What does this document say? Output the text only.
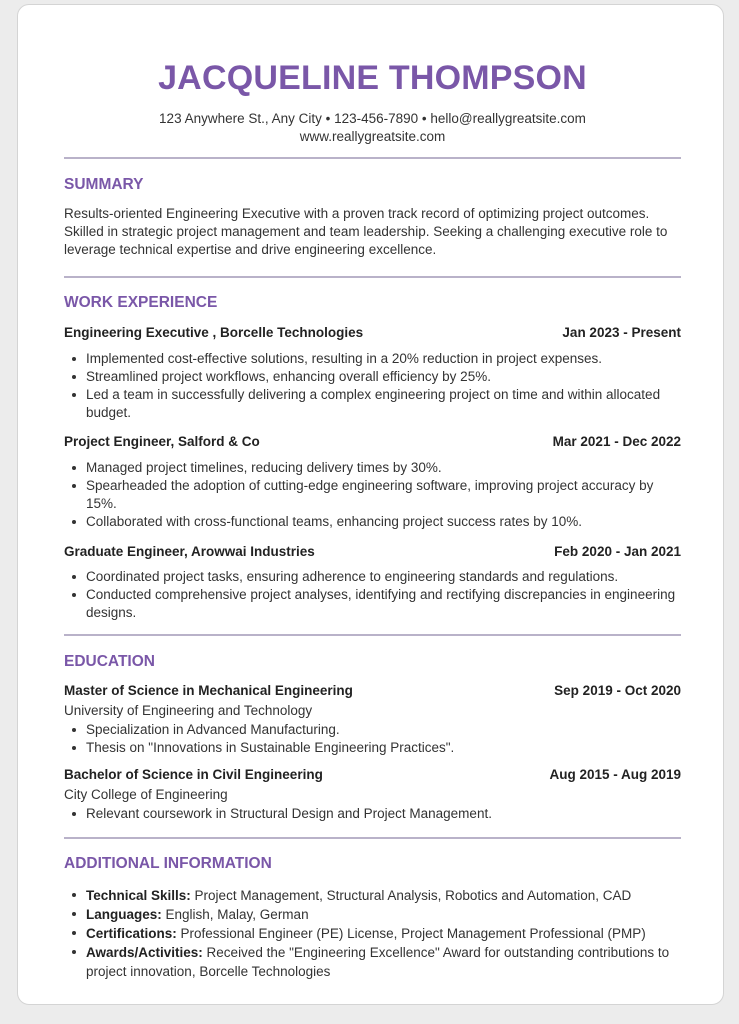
JACQUELINE THOMPSON
123 Anywhere St., Any City • 123-456-7890 • hello@reallygreatsite.com
www.reallygreatsite.com
SUMMARY
Results-oriented Engineering Executive with a proven track record of optimizing project outcomes. Skilled in strategic project management and team leadership. Seeking a challenging executive role to leverage technical expertise and drive engineering excellence.
WORK EXPERIENCE
Engineering Executive , Borcelle Technologies	Jan 2023 - Present
Implemented cost-effective solutions, resulting in a 20% reduction in project expenses.
Streamlined project workflows, enhancing overall efficiency by 25%.
Led a team in successfully delivering a complex engineering project on time and within allocated budget.
Project Engineer, Salford & Co	Mar 2021 - Dec 2022
Managed project timelines, reducing delivery times by 30%.
Spearheaded the adoption of cutting-edge engineering software, improving project accuracy by 15%.
Collaborated with cross-functional teams, enhancing project success rates by 10%.
Graduate Engineer, Arowwai Industries	Feb 2020 - Jan 2021
Coordinated project tasks, ensuring adherence to engineering standards and regulations.
Conducted comprehensive project analyses, identifying and rectifying discrepancies in engineering designs.
EDUCATION
Master of Science in Mechanical Engineering	Sep 2019 - Oct 2020
University of Engineering and Technology
Specialization in Advanced Manufacturing.
Thesis on "Innovations in Sustainable Engineering Practices".
Bachelor of Science in Civil Engineering	Aug 2015 - Aug 2019
City College of Engineering
Relevant coursework in Structural Design and Project Management.
ADDITIONAL INFORMATION
Technical Skills: Project Management, Structural Analysis, Robotics and Automation, CAD
Languages: English, Malay, German
Certifications: Professional Engineer (PE) License, Project Management Professional (PMP)
Awards/Activities: Received the "Engineering Excellence" Award for outstanding contributions to project innovation, Borcelle Technologies
